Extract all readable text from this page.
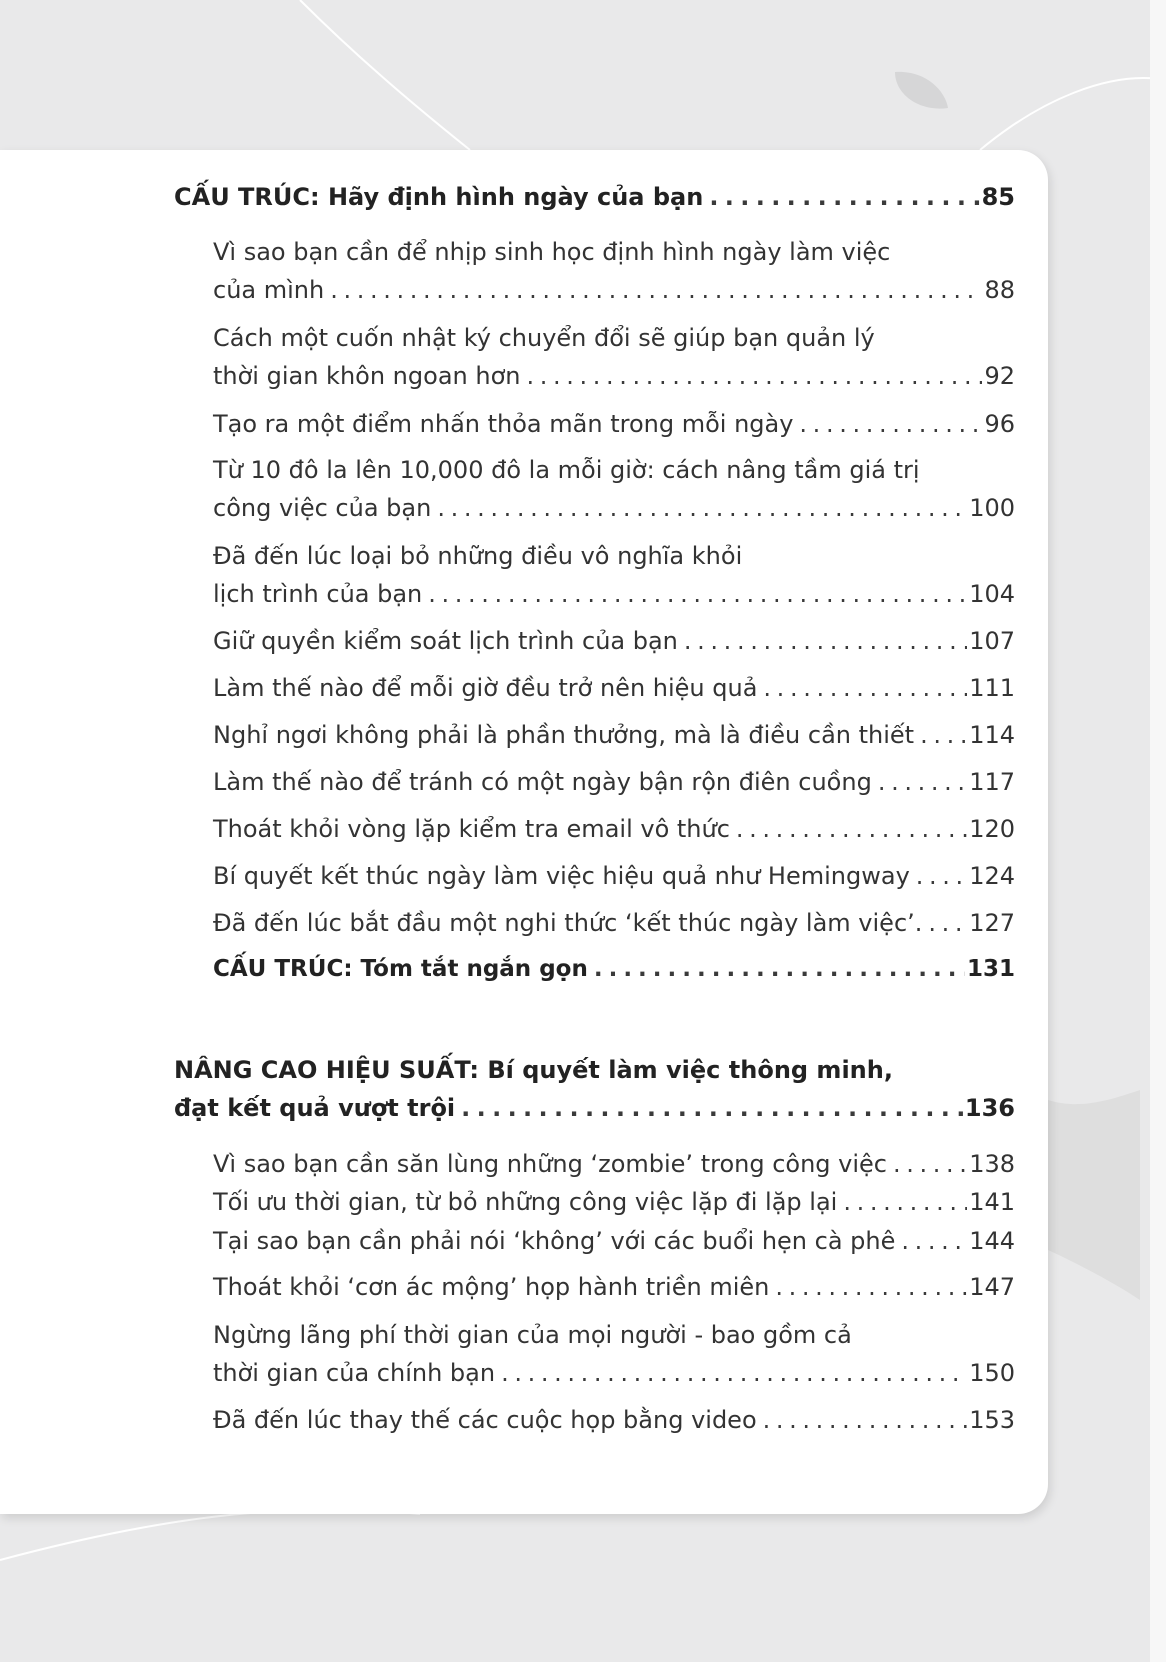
CẤU TRÚC: Hãy định hình ngày của bạn . . .	85
Vì sao bạn cần để nhịp sinh học định hình ngày làm việc
của mình . . .	88
Cách một cuốn nhật ký chuyển đổi sẽ giúp bạn quản lý
thời gian khôn ngoan hơn . . .	92
Tạo ra một điểm nhấn thỏa mãn trong mỗi ngày . . .	96
Từ 10 đô la lên 10,000 đô la mỗi giờ: cách nâng tầm giá trị
công việc của bạn . . .	100
Đã đến lúc loại bỏ những điều vô nghĩa khỏi
lịch trình của bạn . . .	104
Giữ quyền kiểm soát lịch trình của bạn . . .	107
Làm thế nào để mỗi giờ đều trở nên hiệu quả . . .	111
Nghỉ ngơi không phải là phần thưởng, mà là điều cần thiết . . . 114
Làm thế nào để tránh có một ngày bận rộn điên cuồng . . .	117
Thoát khỏi vòng lặp kiểm tra email vô thức . . .	120
Bí quyết kết thúc ngày làm việc hiệu quả như Hemingway . . . 124
Đã đến lúc bắt đầu một nghi thức ‘kết thúc ngày làm việc’. . . . 127
CẤU TRÚC: Tóm tắt ngắn gọn . . .	131
NÂNG CAO HIỆU SUẤT: Bí quyết làm việc thông minh,
đạt kết quả vượt trội . . .	136
Vì sao bạn cần săn lùng những ‘zombie’ trong công việc . . .	138
Tối ưu thời gian, từ bỏ những công việc lặp đi lặp lại . . .	141
Tại sao bạn cần phải nói ‘không’ với các buổi hẹn cà phê . . .	144
Thoát khỏi ‘cơn ác mộng’ họp hành triền miên . . .	147
Ngừng lãng phí thời gian của mọi người - bao gồm cả
thời gian của chính bạn . . .	150
Đã đến lúc thay thế các cuộc họp bằng video . . .	153
